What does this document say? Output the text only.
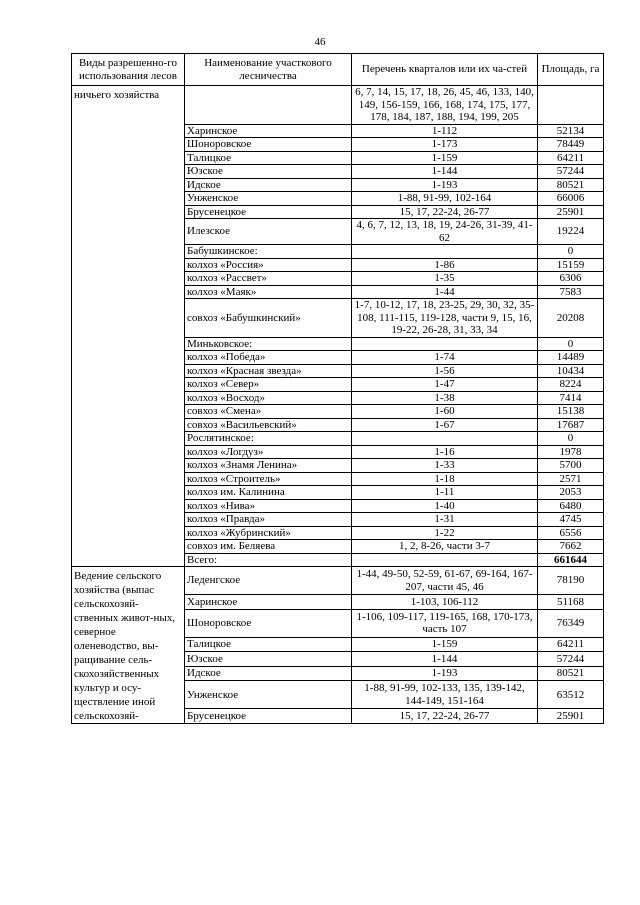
46
Виды разрешенно-го использования лесов	Наименование участкового лесничества	Перечень кварталов или их ча-стей	Площадь, га
ничьего хозяйства		6, 7, 14, 15, 17, 18, 26, 45, 46, 133, 140, 149, 156-159, 166, 168, 174, 175, 177, 178, 184, 187, 188, 194, 199, 205	
	Харинское	1-112	52134
	Шоноровское	1-173	78449
	Талицкое	1-159	64211
	Юзское	1-144	57244
	Идское	1-193	80521
	Унженское	1-88, 91-99, 102-164	66006
	Брусенецкое	15, 17, 22-24, 26-77	25901
	Илезское	4, 6, 7, 12, 13, 18, 19, 24-26, 31-39, 41-62	19224
	Бабушкинское:		0
	колхоз «Россия»	1-86	15159
	колхоз «Рассвет»	1-35	6306
	колхоз «Маяк»	1-44	7583
	совхоз «Бабушкинский»	1-7, 10-12, 17, 18, 23-25, 29, 30, 32, 35-108, 111-115, 119-128, части 9, 15, 16, 19-22, 26-28, 31, 33, 34	20208
	Миньковское:		0
	колхоз «Победа»	1-74	14489
	колхоз «Красная звезда»	1-56	10434
	колхоз «Север»	1-47	8224
	колхоз «Восход»	1-38	7414
	совхоз «Смена»	1-60	15138
	совхоз «Васильевский»	1-67	17687
	Рослятинское:		0
	колхоз «Логдуз»	1-16	1978
	колхоз «Знамя Ленина»	1-33	5700
	колхоз «Строитель»	1-18	2571
	колхоз им. Калинина	1-11	2053
	колхоз «Нива»	1-40	6480
	колхоз «Правда»	1-31	4745
	колхоз «Жубринский»	1-22	6556
	совхоз им. Беляева	1, 2, 8-26, части 3-7	7662
	Всего:		661644
Ведение сельского хозяйства (выпас сельскохозяй-ственных живот-ных, северное оленеводство, вы-ращивание сель-скохозяйственных культур и осу-ществление иной сельскохозяй-	Леденгское	1-44, 49-50, 52-59, 61-67, 69-164, 167-207, части 45, 46	78190
	Харинское	1-103, 106-112	51168
	Шоноровское	1-106, 109-117, 119-165, 168, 170-173, часть 107	76349
	Талицкое	1-159	64211
	Юзское	1-144	57244
	Идское	1-193	80521
	Унженское	1-88, 91-99, 102-133, 135, 139-142, 144-149, 151-164	63512
	Брусенецкое	15, 17, 22-24, 26-77	25901
